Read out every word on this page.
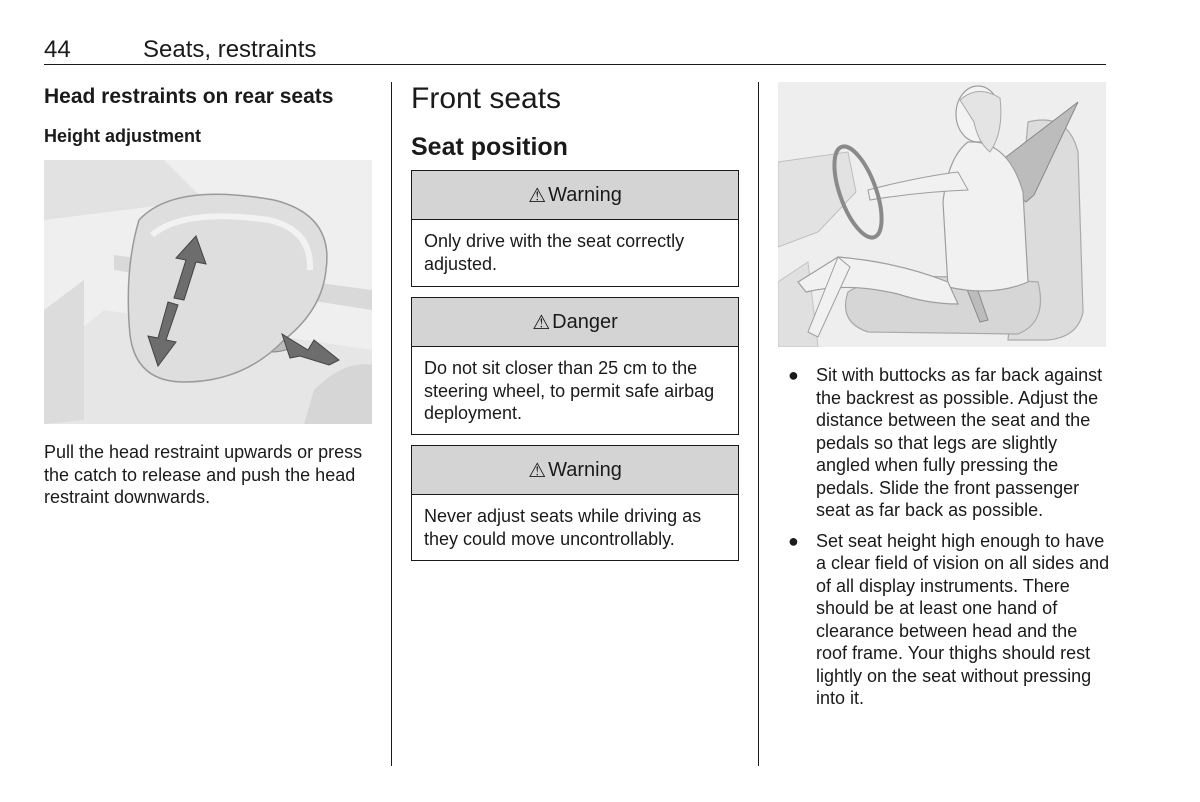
44	Seats, restraints
Head restraints on rear seats
Height adjustment
Pull the head restraint upwards or press the catch to release and push the head restraint downwards.
Front seats
Seat position
⚠ Warning
Only drive with the seat correctly adjusted.
⚠ Danger
Do not sit closer than 25 cm to the steering wheel, to permit safe airbag deployment.
⚠ Warning
Never adjust seats while driving as they could move uncontrollably.
● Sit with buttocks as far back against the backrest as possible. Adjust the distance between the seat and the pedals so that legs are slightly angled when fully pressing the pedals. Slide the front passenger seat as far back as possible.
● Set seat height high enough to have a clear field of vision on all sides and of all display instruments. There should be at least one hand of clearance between head and the roof frame. Your thighs should rest lightly on the seat without pressing into it.
